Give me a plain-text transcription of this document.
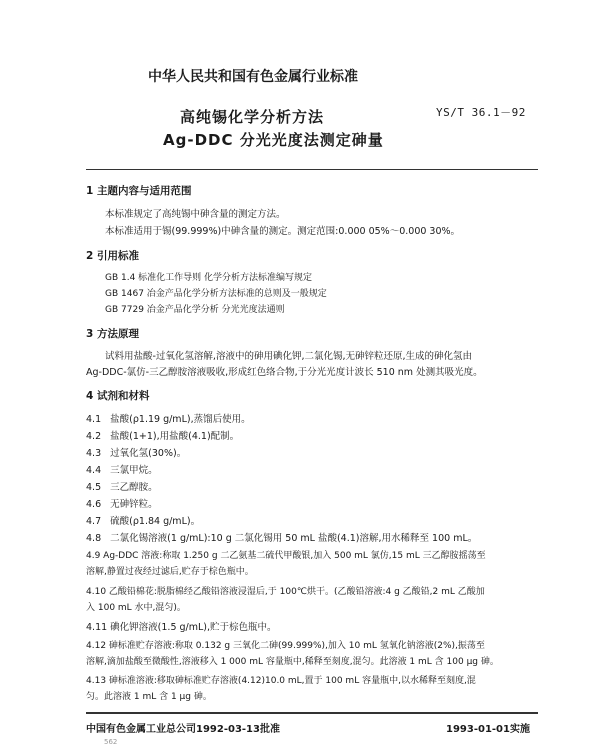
中华人民共和国有色金属行业标准
高纯锡化学分析方法	YS/T 36.1－92
Ag-DDC 分光光度法测定砷量
1 主题内容与适用范围
本标准规定了高纯锡中砷含量的测定方法。
本标准适用于锡(99.999%)中砷含量的测定。测定范围:0.000 05%～0.000 30%。
2 引用标准
GB 1.4 标准化工作导则 化学分析方法标准编写规定
GB 1467 冶金产品化学分析方法标准的总则及一般规定
GB 7729 冶金产品化学分析 分光光度法通则
3 方法原理
试料用盐酸-过氧化氢溶解,溶液中的砷用碘化钾,二氯化锡,无砷锌粒还原,生成的砷化氢由
Ag-DDC-氯仿-三乙醇胺溶液吸收,形成红色络合物,于分光光度计波长 510 nm 处测其吸光度。
4 试剂和材料
4.1 盐酸(ρ1.19 g/mL),蒸馏后使用。
4.2 盐酸(1+1),用盐酸(4.1)配制。
4.3 过氧化氢(30%)。
4.4 三氯甲烷。
4.5 三乙醇胺。
4.6 无砷锌粒。
4.7 硫酸(ρ1.84 g/mL)。
4.8 二氯化锡溶液(1 g/mL):10 g 二氯化锡用 50 mL 盐酸(4.1)溶解,用水稀释至 100 mL。
4.9 Ag-DDC 溶液:称取 1.250 g 二乙氨基二硫代甲酸银,加入 500 mL 氯仿,15 mL 三乙醇胺摇荡至
溶解,静置过夜经过滤后,贮存于棕色瓶中。
4.10 乙酸铅棉花:脱脂棉经乙酸铅溶液浸湿后,于 100℃烘干。(乙酸铅溶液:4 g 乙酸铅,2 mL 乙酸加
入 100 mL 水中,混匀)。
4.11 碘化钾溶液(1.5 g/mL),贮于棕色瓶中。
4.12 砷标准贮存溶液:称取 0.132 g 三氧化二砷(99.999%),加入 10 mL 氢氧化钠溶液(2%),振荡至
溶解,滴加盐酸至微酸性,溶液移入 1 000 mL 容量瓶中,稀释至刻度,混匀。此溶液 1 mL 含 100 μg 砷。
4.13 砷标准溶液:移取砷标准贮存溶液(4.12)10.0 mL,置于 100 mL 容量瓶中,以水稀释至刻度,混
匀。此溶液 1 mL 含 1 μg 砷。
中国有色金属工业总公司1992-03-13批准	1993-01-01实施
562
